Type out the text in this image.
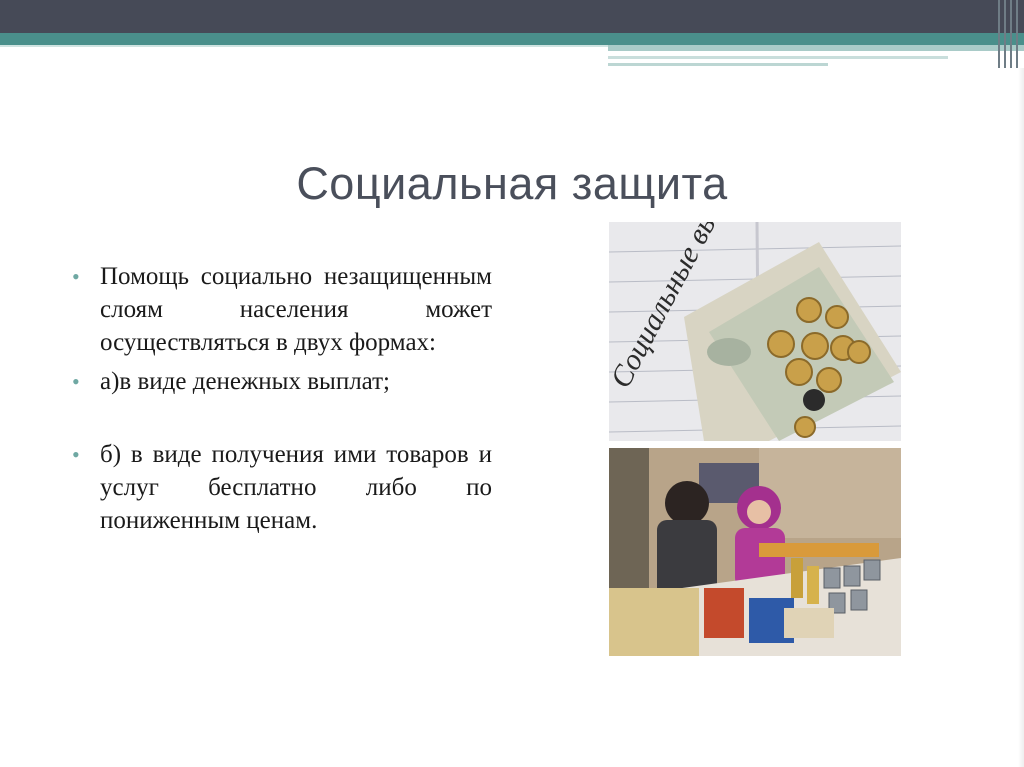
Социальная защита
• Помощь социально незащищенным слоям населения может осуществляться в двух формах:
• а)в виде денежных выплат;
• б) в виде получения ими товаров и услуг бесплатно либо по пониженным ценам.
